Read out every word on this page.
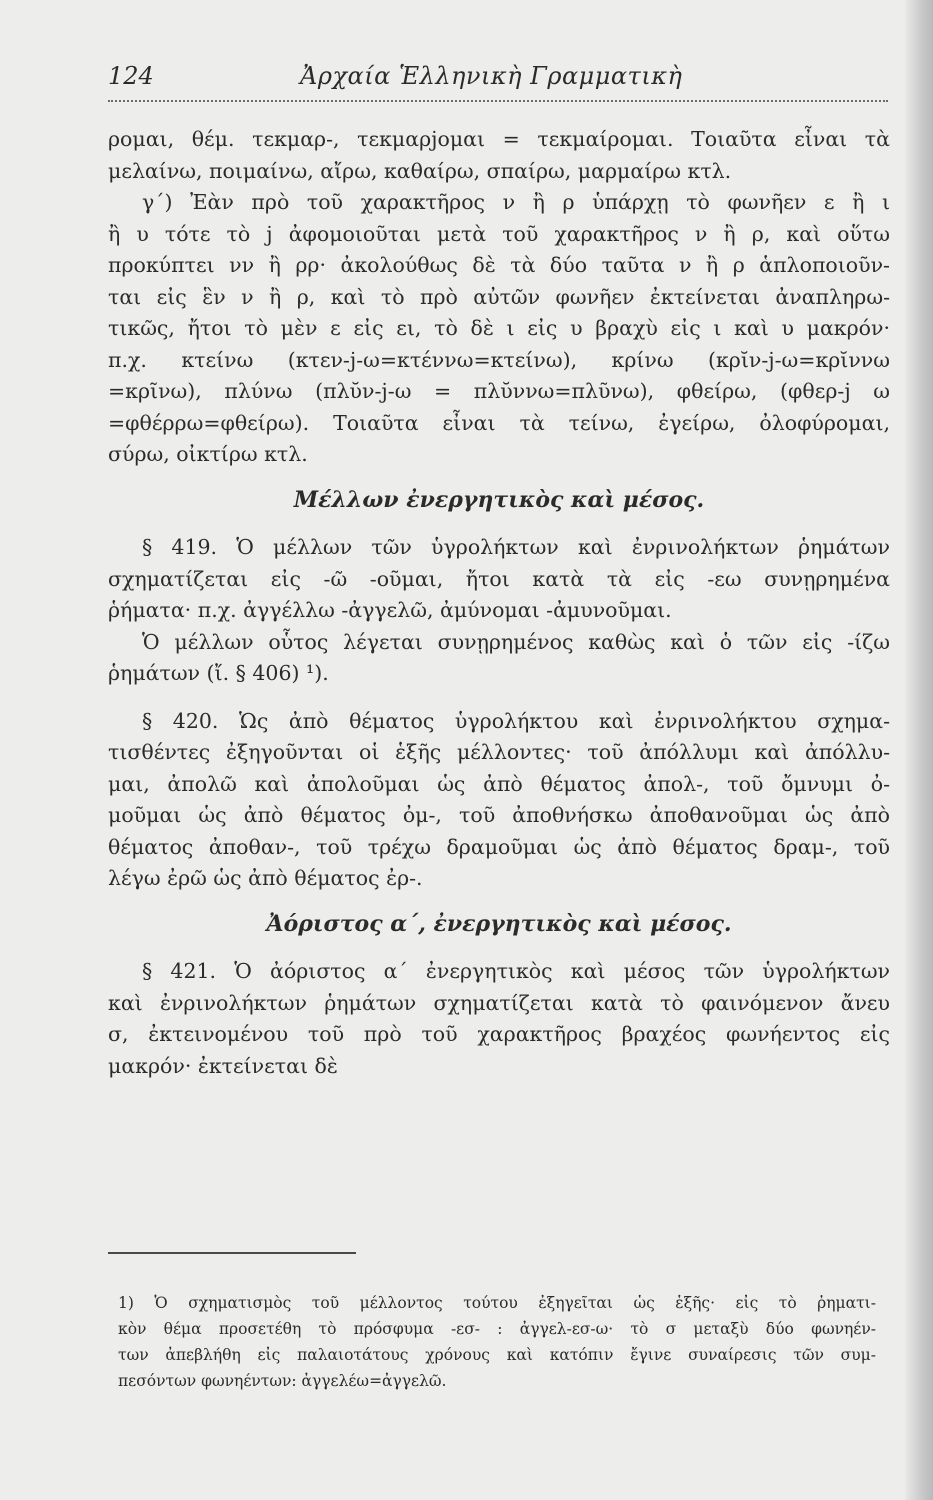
124	Ἀρχαία Ἑλληνικὴ Γραμματικὴ
ρομαι, θέμ. τεκμαρ-, τεκμαρjομαι = τεκμαίρομαι. Τοιαῦτα εἶναι τὰ
μελαίνω, ποιμαίνω, αἴρω, καθαίρω, σπαίρω, μαρμαίρω κτλ.
γ΄) Ἐὰν πρὸ τοῦ χαρακτῆρος ν ἢ ρ ὑπάρχῃ τὸ φωνῆεν ε ἢ ι
ἢ υ τότε τὸ j ἀφομοιοῦται μετὰ τοῦ χαρακτῆρος ν ἢ ρ, καὶ οὕτω
προκύπτει νν ἢ ρρ· ἀκολούθως δὲ τὰ δύο ταῦτα ν ἢ ρ ἁπλοποιοῦν-
ται εἰς ἓν ν ἢ ρ, καὶ τὸ πρὸ αὐτῶν φωνῆεν ἐκτείνεται ἀναπληρω-
τικῶς, ἤτοι τὸ μὲν ε εἰς ει, τὸ δὲ ι εἰς υ βραχὺ εἰς ι καὶ υ μακρόν·
π.χ. κτείνω (κτεν-j-ω=κτέννω=κτείνω), κρίνω (κρῐν-j-ω=κρῐννω
=κρῖνω), πλύνω (πλῠν-j-ω = πλῠννω=πλῦνω), φθείρω, (φθερ-j ω
=φθέρρω=φθείρω). Τοιαῦτα εἶναι τὰ τείνω, ἐγείρω, ὀλοφύρομαι,
σύρω, οἰκτίρω κτλ.
Μέλλων ἐνεργητικὸς καὶ μέσος.
§ 419. Ὁ μέλλων τῶν ὑγρολήκτων καὶ ἐνρινολήκτων ῥημάτων
σχηματίζεται εἰς -ῶ -οῦμαι, ἤτοι κατὰ τὰ εἰς -εω συνῃρημένα
ῥήματα· π.χ. ἀγγέλλω -ἀγγελῶ, ἀμύνομαι -ἀμυνοῦμαι.
Ὁ μέλλων οὗτος λέγεται συνῃρημένος καθὼς καὶ ὁ τῶν εἰς -ίζω
ῥημάτων (ἴ. § 406) ¹).
§ 420. Ὡς ἀπὸ θέματος ὑγρολήκτου καὶ ἐνρινολήκτου σχημα-
τισθέντες ἐξηγοῦνται οἱ ἑξῆς μέλλοντες· τοῦ ἀπόλλυμι καὶ ἀπόλλυ-
μαι, ἀπολῶ καὶ ἀπολοῦμαι ὡς ἀπὸ θέματος ἀπολ-, τοῦ ὄμνυμι ὀ-
μοῦμαι ὡς ἀπὸ θέματος ὀμ-, τοῦ ἀποθνήσκω ἀποθανοῦμαι ὡς ἀπὸ
θέματος ἀποθαν-, τοῦ τρέχω δραμοῦμαι ὡς ἀπὸ θέματος δραμ-, τοῦ
λέγω ἐρῶ ὡς ἀπὸ θέματος ἐρ-.
Ἀόριστος α΄, ἐνεργητικὸς καὶ μέσος.
§ 421. Ὁ ἀόριστος α΄ ἐνεργητικὸς καὶ μέσος τῶν ὑγρολήκτων
καὶ ἐνρινολήκτων ῥημάτων σχηματίζεται κατὰ τὸ φαινόμενον ἄνευ
σ, ἐκτεινομένου τοῦ πρὸ τοῦ χαρακτῆρος βραχέος φωνήεντος εἰς
μακρόν· ἐκτείνεται δὲ
1) Ὁ σχηματισμὸς τοῦ μέλλοντος τούτου ἐξηγεῖται ὡς ἑξῆς· εἰς τὸ ῥηματι-
κὸν θέμα προσετέθη τὸ πρόσφυμα -εσ- : ἀγγελ-εσ-ω· τὸ σ μεταξὺ δύο φωνηέν-
των ἀπεβλήθη εἰς παλαιοτάτους χρόνους καὶ κατόπιν ἔγινε συναίρεσις τῶν συμ-
πεσόντων φωνηέντων: ἀγγελέω=ἀγγελῶ.
